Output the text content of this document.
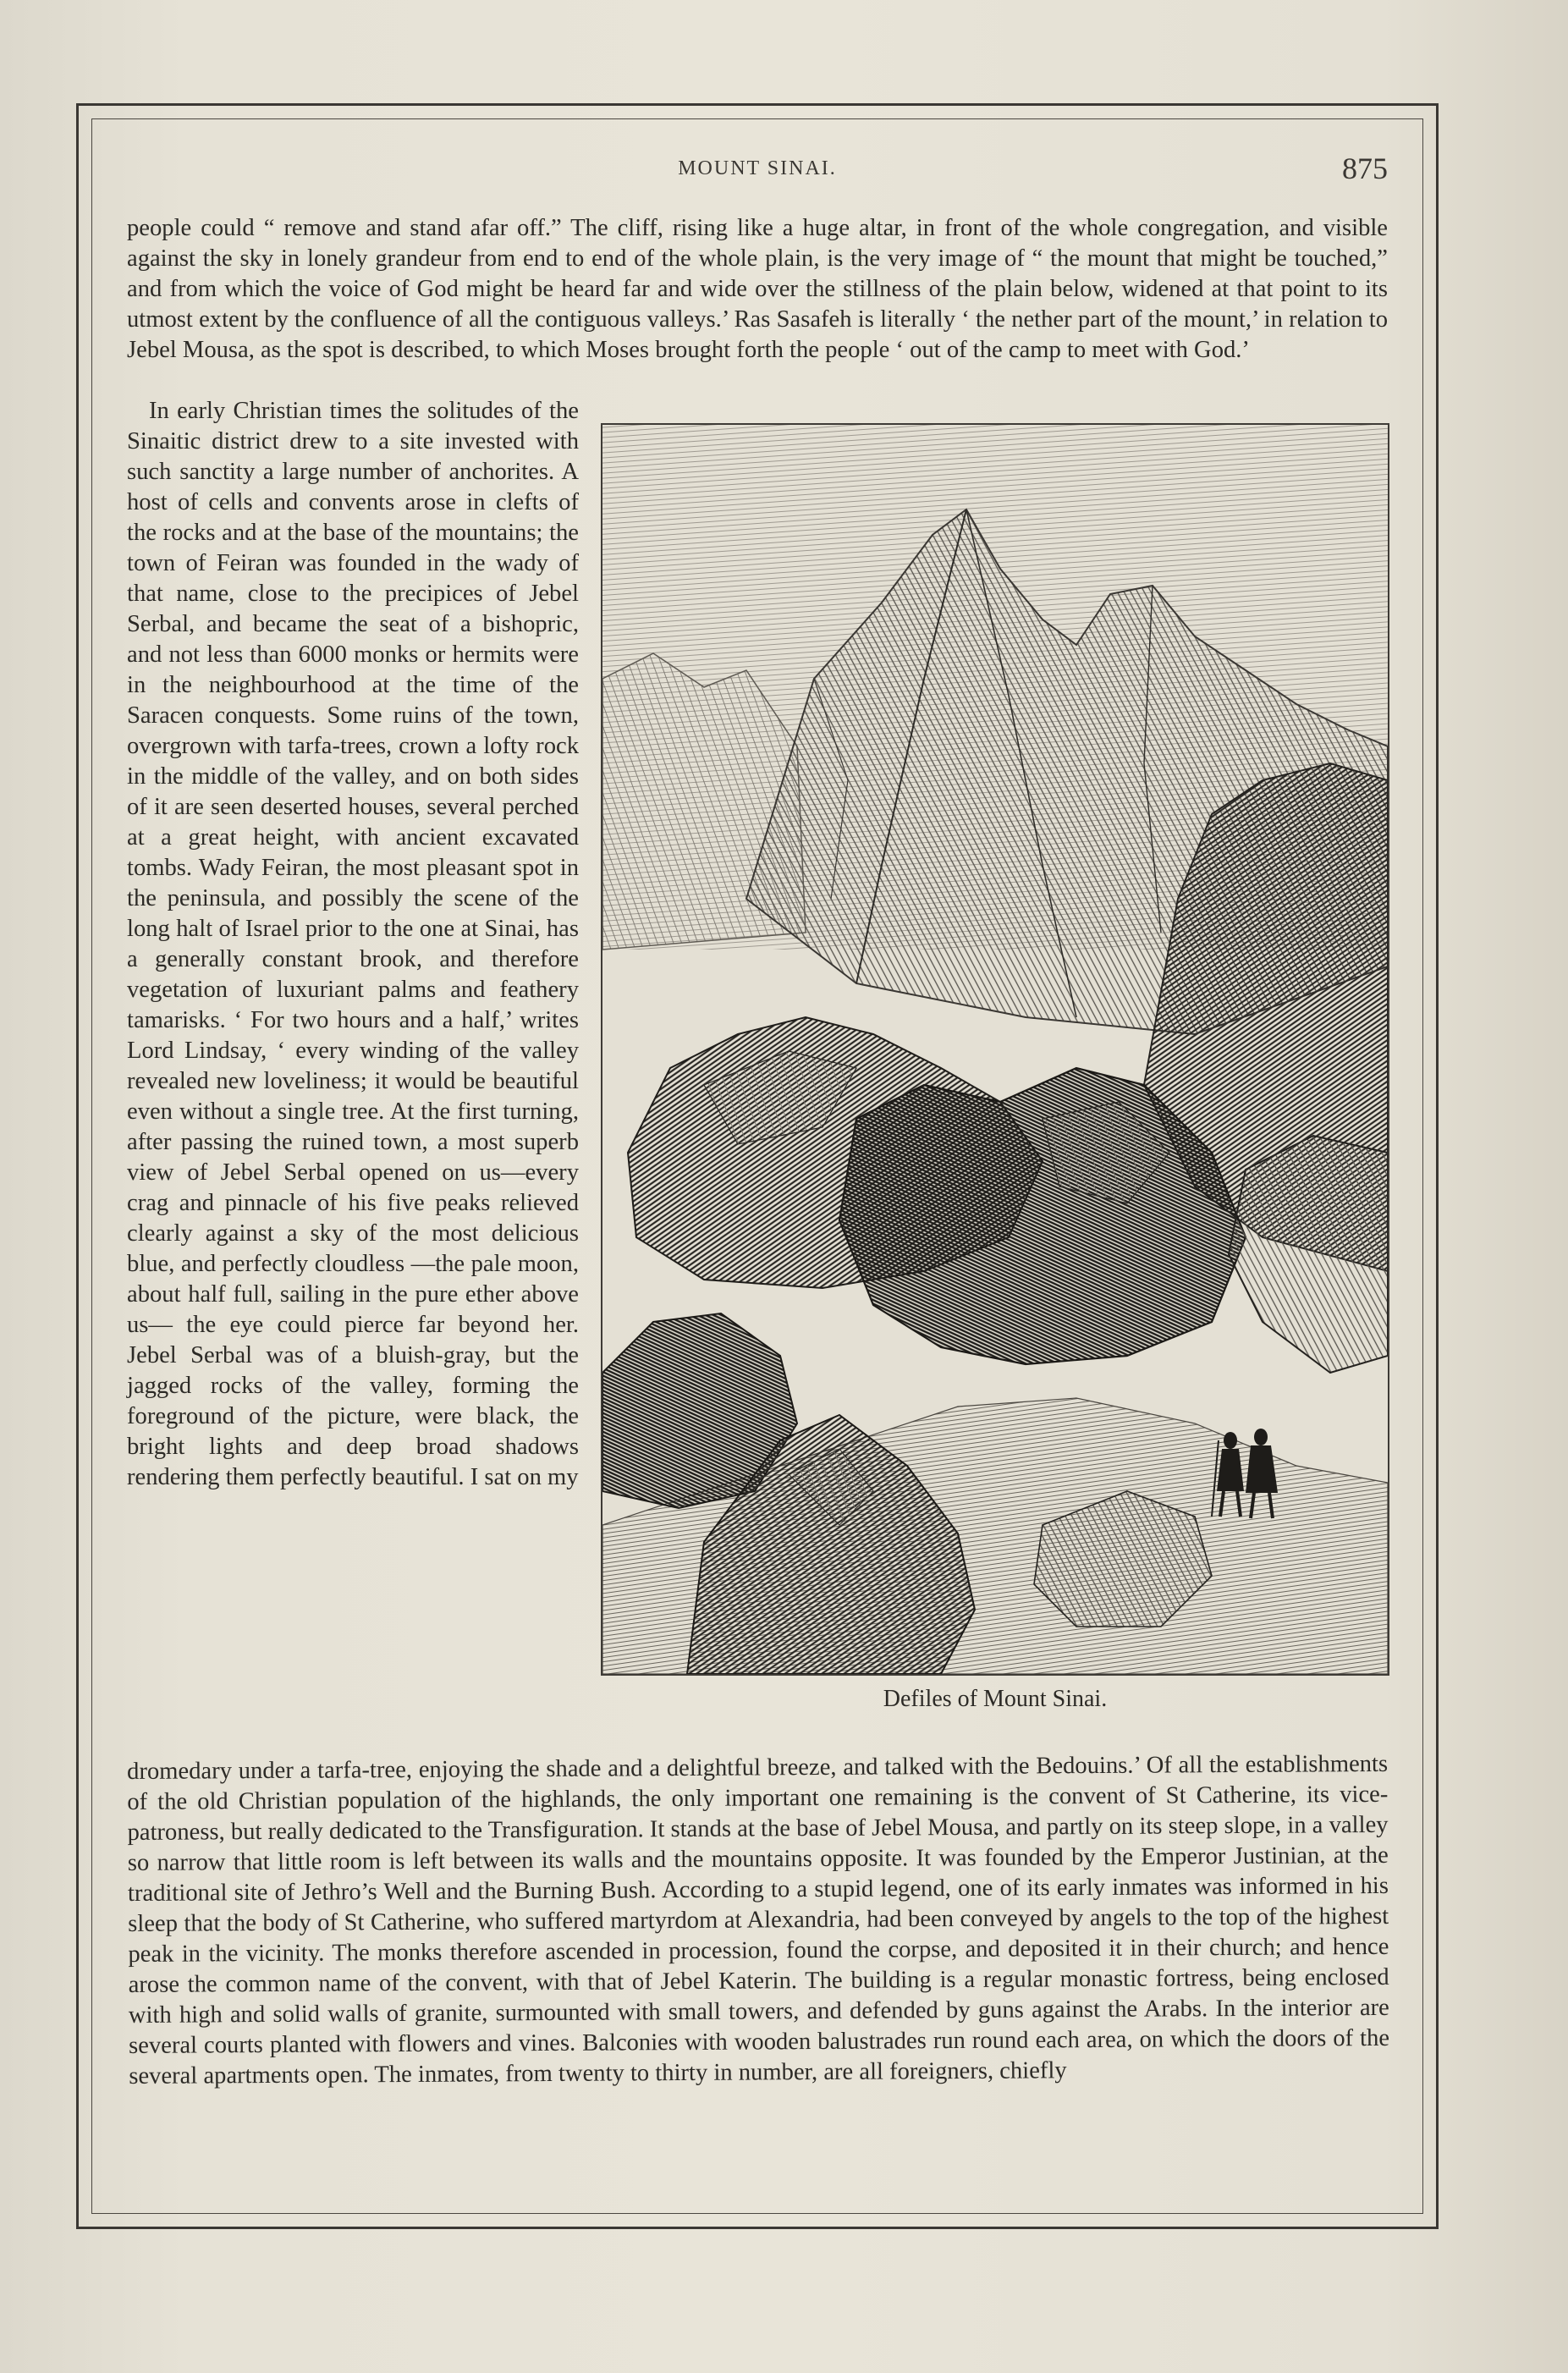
MOUNT SINAI.	875

people could “ remove and stand afar off.” The cliff, rising like a huge altar, in front of the whole congregation, and visible against the sky in lonely grandeur from end to end of the whole plain, is the very image of “ the mount that might be touched,” and from which the voice of God might be heard far and wide over the stillness of the plain below, widened at that point to its utmost extent by the confluence of all the contiguous valleys.’ Ras Sasafeh is literally ‘ the nether part of the mount,’ in relation to Jebel Mousa, as the spot is described, to which Moses brought forth the people ‘ out of the camp to meet with God.’

In early Christian times the solitudes of the Sinaitic district drew to a site invested with such sanctity a large number of anchorites. A host of cells and convents arose in clefts of the rocks and at the base of the mountains; the town of Feiran was founded in the wady of that name, close to the precipices of Jebel Serbal, and became the seat of a bishopric, and not less than 6000 monks or hermits were in the neighbourhood at the time of the Saracen conquests. Some ruins of the town, overgrown with tarfa-trees, crown a lofty rock in the middle of the valley, and on both sides of it are seen deserted houses, several perched at a great height, with ancient excavated tombs. Wady Feiran, the most pleasant spot in the peninsula, and possibly the scene of the long halt of Israel prior to the one at Sinai, has a generally constant brook, and therefore vegetation of luxuriant palms and feathery tamarisks. ‘ For two hours and a half,’ writes Lord Lindsay, ‘ every winding of the valley revealed new loveliness; it would be beautiful even without a single tree. At the first turning, after passing the ruined town, a most superb view of Jebel Serbal opened on us—every crag and pinnacle of his five peaks relieved clearly against a sky of the most delicious blue, and perfectly cloudless —the pale moon, about half full, sailing in the pure ether above us— the eye could pierce far beyond her. Jebel Serbal was of a bluish-gray, but the jagged rocks of the valley, forming the foreground of the picture, were black, the bright lights and deep broad shadows rendering them perfectly beautiful. I sat on my

Defiles of Mount Sinai.

dromedary under a tarfa-tree, enjoying the shade and a delightful breeze, and talked with the Bedouins.’ Of all the establishments of the old Christian population of the highlands, the only important one remaining is the convent of St Catherine, its vice-patroness, but really dedicated to the Transfiguration. It stands at the base of Jebel Mousa, and partly on its steep slope, in a valley so narrow that little room is left between its walls and the mountains opposite. It was founded by the Emperor Justinian, at the traditional site of Jethro’s Well and the Burning Bush. According to a stupid legend, one of its early inmates was informed in his sleep that the body of St Catherine, who suffered martyrdom at Alexandria, had been conveyed by angels to the top of the highest peak in the vicinity. The monks therefore ascended in procession, found the corpse, and deposited it in their church; and hence arose the common name of the convent, with that of Jebel Katerin. The building is a regular monastic fortress, being enclosed with high and solid walls of granite, surmounted with small towers, and defended by guns against the Arabs. In the interior are several courts planted with flowers and vines. Balconies with wooden balustrades run round each area, on which the doors of the several apartments open. The inmates, from twenty to thirty in number, are all foreigners, chiefly
